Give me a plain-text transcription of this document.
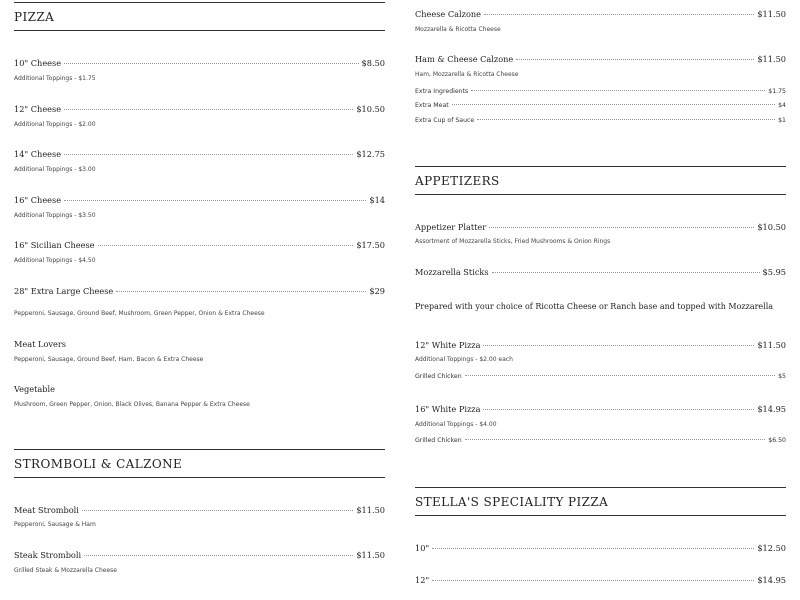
PIZZA
10" Cheese	$8.50
Additional Toppings - $1.75
12" Cheese	$10.50
Additional Toppings - $2.00
14" Cheese	$12.75
Additional Toppings - $3.00
16" Cheese	$14
Additional Toppings - $3.50
16" Sicilian Cheese	$17.50
Additional Toppings - $4.50
28" Extra Large Cheese	$29
Pepperoni, Sausage, Ground Beef, Mushroom, Green Pepper, Onion & Extra Cheese
Meat Lovers
Pepperoni, Sausage, Ground Beef, Ham, Bacon & Extra Cheese
Vegetable
Mushroom, Green Pepper, Onion, Black Olives, Banana Pepper & Extra Cheese
STROMBOLI & CALZONE
Meat Stromboli	$11.50
Pepperoni, Sausage & Ham
Steak Stromboli	$11.50
Grilled Steak & Mozzarella Cheese
Cheese Calzone	$11.50
Mozzarella & Ricotta Cheese
Ham & Cheese Calzone	$11.50
Ham, Mozzarella & Ricotta Cheese
Extra Ingredients	$1.75
Extra Meat	$4
Extra Cup of Sauce	$1
APPETIZERS
Appetizer Platter	$10.50
Assortment of Mozzarella Sticks, Fried Mushrooms & Onion Rings
Mozzarella Sticks	$5.95
Prepared with your choice of Ricotta Cheese or Ranch base and topped with Mozzarella
12" White Pizza	$11.50
Additional Toppings - $2.00 each
Grilled Chicken	$5
16" White Pizza	$14.95
Additional Toppings - $4.00
Grilled Chicken	$6.50
STELLA'S SPECIALITY PIZZA
10"	$12.50
12"	$14.95
